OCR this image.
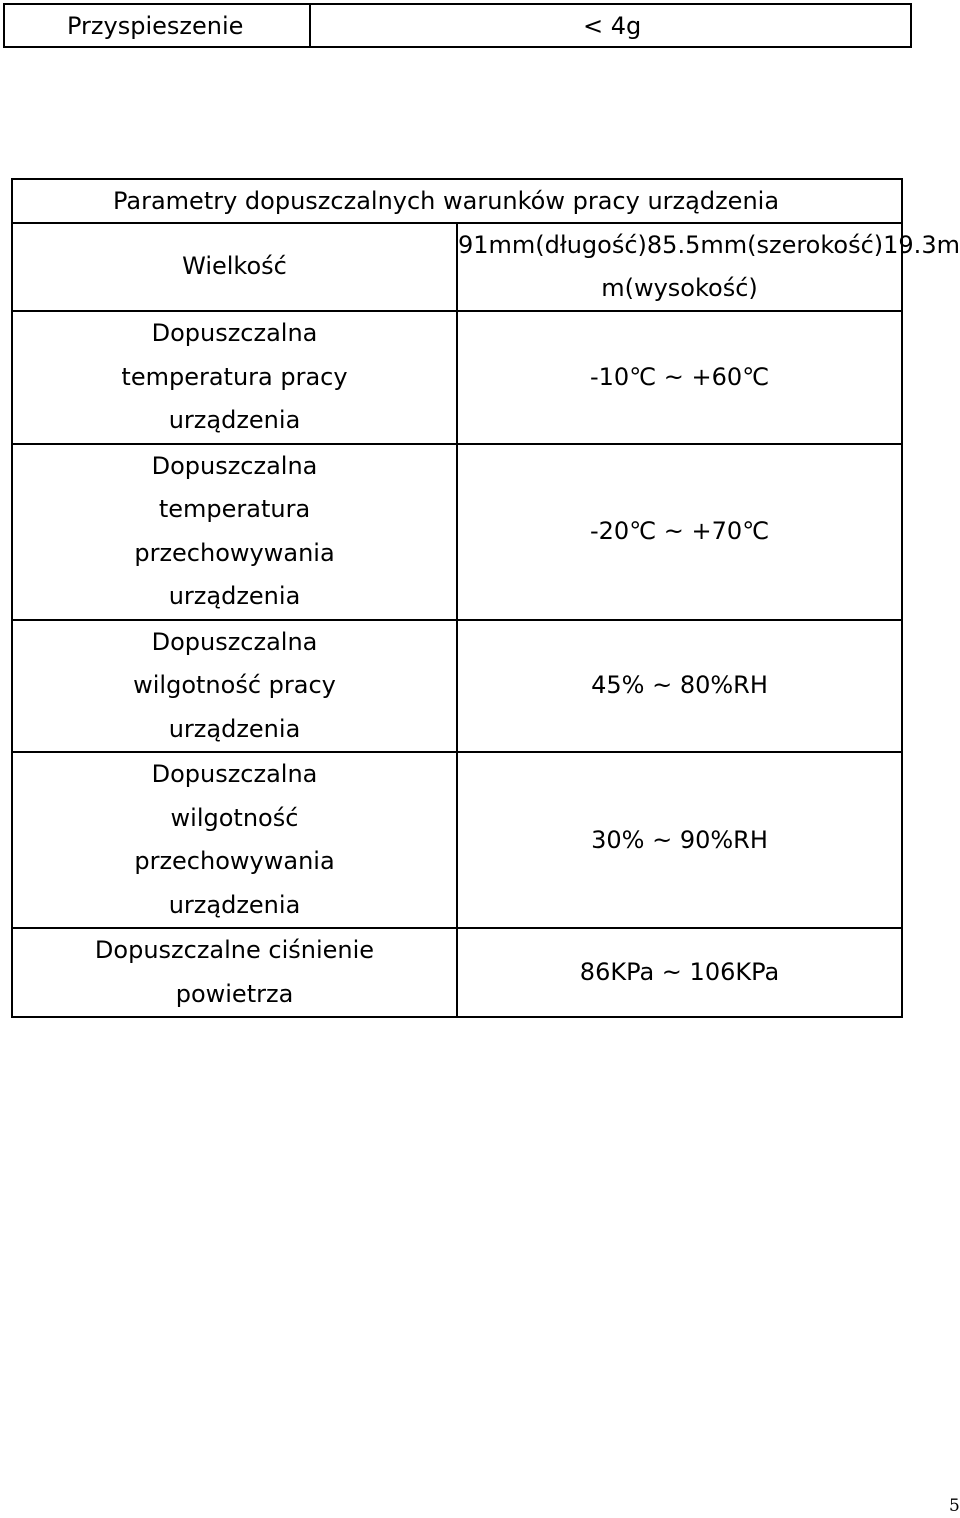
Przyspieszenie	< 4g
Parametry dopuszczalnych warunków pracy urządzenia	

Wielkość	91mm(długość)85.5mm(szerokość)19.3m
m(wysokość)

Dopuszczalna
temperatura pracy
urządzenia	-10℃ ~ +60℃

Dopuszczalna
temperatura
przechowywania
urządzenia	-20℃ ~ +70℃

Dopuszczalna
wilgotność pracy
urządzenia	45% ~ 80%RH

Dopuszczalna
wilgotność
przechowywania
urządzenia	30% ~ 90%RH

Dopuszczalne ciśnienie
powietrza	86KPa ~ 106KPa
5
